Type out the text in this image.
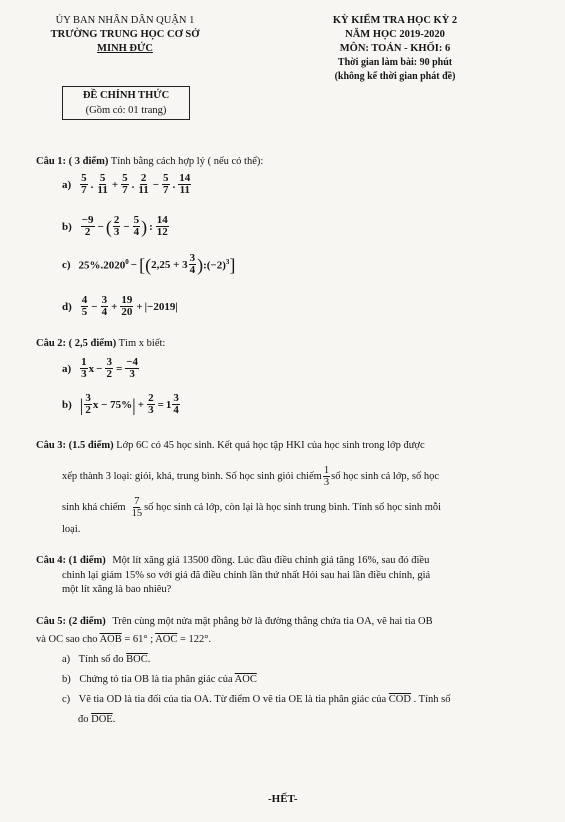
ỦY BAN NHÂN DÂN QUẬN 1
TRƯỜNG TRUNG HỌC CƠ SỞ
MINH ĐỨC
ĐỀ CHÍNH THỨC
(Gồm có: 01 trang)
KỲ KIỂM TRA HỌC KỲ 2
NĂM HỌC 2019-2020
MÔN: TOÁN - KHỐI: 6
Thời gian làm bài: 90 phút
(không kể thời gian phát đề)
Câu 1: ( 3 điểm) Tính bằng cách hợp lý ( nếu có thể):
a)
5
7 .
5
$11 + \frac{5}{7}$ .
2
$11 - \frac{5}{7}$ .
14
11
b)
−9
2 − ( 2
$3 - \frac{5}{4}$ ) :
14
12
c) $25\%.2020^0$ − [ ( 2,25 + 3
3
4 ) $:(-2)^3$ ]
d)
4
$5 - \frac{3}{4} + \frac{19}{20} + |-2019|$
Câu 2: ( 2,5 điểm) Tìm x biết:
a)
1
3 $x - \frac{3}{2} = \frac{-4}{3}$
b) | 3
2 x − 75% | + $\frac{2}{3} = 1$
3
4
Câu 3: (1.5 điểm) Lớp 6C có 45 học sinh. Kết quả học tập HKI của học sinh trong lớp được
xếp thành 3 loại: giỏi, khá, trung bình. Số học sinh giỏi chiếm
1
3
số học sinh cả lớp, số học
sinh khá chiếm
7
15
số học sinh cả lớp, còn lại là học sinh trung bình. Tính số học sinh mỗi
loại.
Câu 4: (1 điểm) Một lít xăng giá 13500 đồng. Lúc đầu điều chỉnh giá tăng 16%, sau đó điều
chỉnh lại giảm 15% so với giá đã điều chỉnh lần thứ nhất Hỏi sau hai lần điều chỉnh, giá
một lít xăng là bao nhiêu?
Câu 5: (2 điểm) Trên cùng một nửa mặt phẳng bờ là đường thẳng chứa tia OA, vẽ hai tia OB
và OC sao cho $\overline{AOB} = 61^\circ$ ; $\overline{AOC} = 122^\circ$.
a) Tính số đo $\overline{BOC}$.
b) Chứng tỏ tia OB là tia phân giác của $\overline{AOC}$
c) Vẽ tia OD là tia đối của tia OA. Từ điểm O vẽ tia OE là tia phân giác của $\overline{COD}$ . Tính số
đo $\overline{DOE}$.
-HẾT-
